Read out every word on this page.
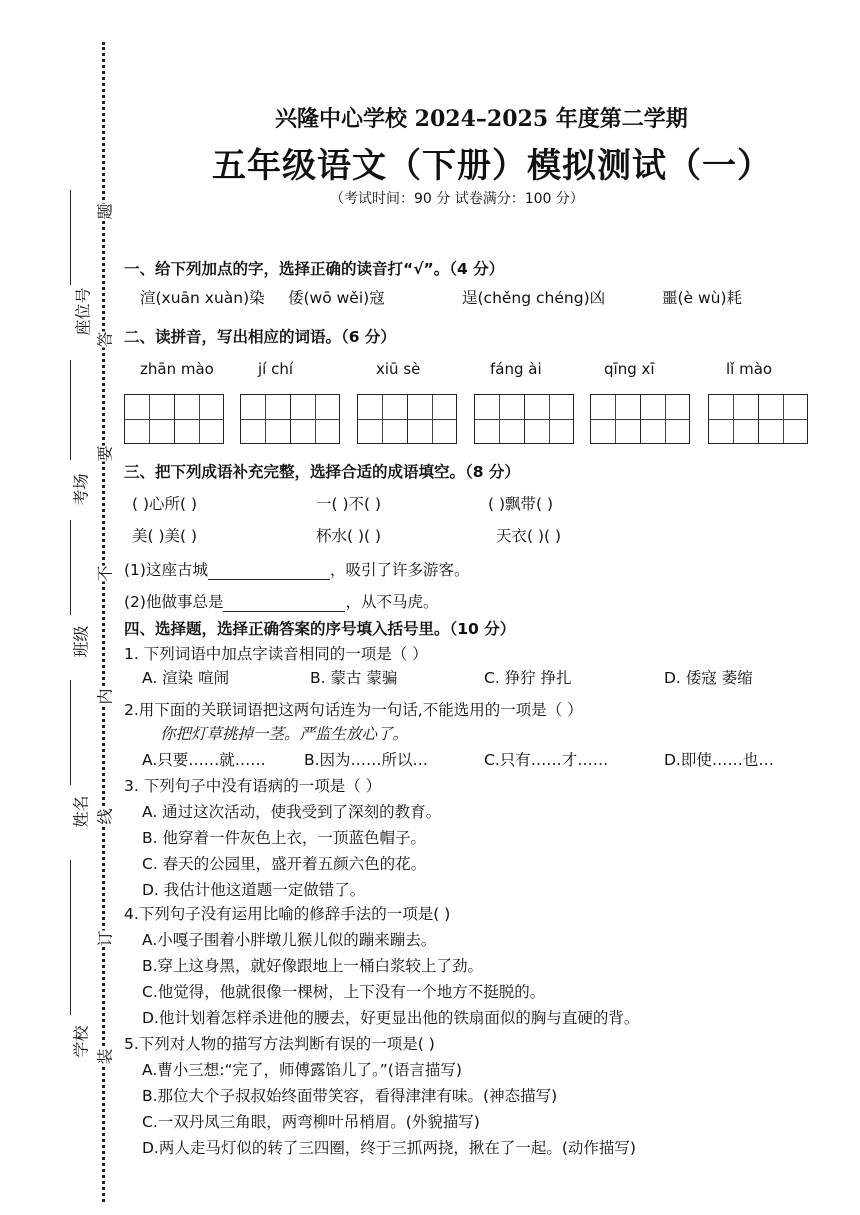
座位号
考场
班级
姓名
学校
题
答
要
不
内
线
订
装
兴隆中心学校 2024–2025 年度第二学期
五年级语文（下册）模拟测试（一）
（考试时间：90 分 试卷满分：100 分）
一、给下列加点的字，选择正确的读音打“√”。（4 分）
渲(xuān xuàn)染 倭(wō wěi)寇	逞(chěng chéng)凶	噩(è wù)耗
二、读拼音，写出相应的词语。（6 分）
zhān mào	jí chí	xiū sè	fáng ài	qīng xī	lǐ mào
三、把下列成语补充完整，选择合适的成语填空。（8 分）
( )心所( )	一( )不( )	( )飘带( )
美( )美( )	杯水( )( )	天衣( )( )
(1)这座古城	，吸引了许多游客。
(2)他做事总是	，从不马虎。
四、选择题，选择正确答案的序号填入括号里。（10 分）
1. 下列词语中加点字读音相同的一项是（ ）
A. 渲染 喧闹	B. 蒙古 蒙骗	C. 狰狞 挣扎	D. 倭寇 萎缩
2.用下面的关联词语把这两句话连为一句话,不能选用的一项是（ ）
你把灯草挑掉一茎。严监生放心了。
A.只要……就…… B.因为……所以…	C.只有……才……	D.即使……也…
3. 下列句子中没有语病的一项是（ ）
A. 通过这次活动，使我受到了深刻的教育。
B. 他穿着一件灰色上衣，一顶蓝色帽子。
C. 春天的公园里，盛开着五颜六色的花。
D. 我估计他这道题一定做错了。
4.下列句子没有运用比喻的修辞手法的一项是( )
A.小嘎子围着小胖墩儿猴儿似的蹦来蹦去。
B.穿上这身黑，就好像跟地上一桶白浆较上了劲。
C.他觉得，他就很像一棵树，上下没有一个地方不挺脱的。
D.他计划着怎样杀进他的腰去，好更显出他的铁扇面似的胸与直硬的背。
5.下列对人物的描写方法判断有误的一项是( )
A.曹小三想:“完了，师傅露馅儿了。”(语言描写)
B.那位大个子叔叔始终面带笑容，看得津津有味。(神态描写)
C.一双丹凤三角眼，两弯柳叶吊梢眉。(外貌描写)
D.两人走马灯似的转了三四圈，终于三抓两挠，揪在了一起。(动作描写)
